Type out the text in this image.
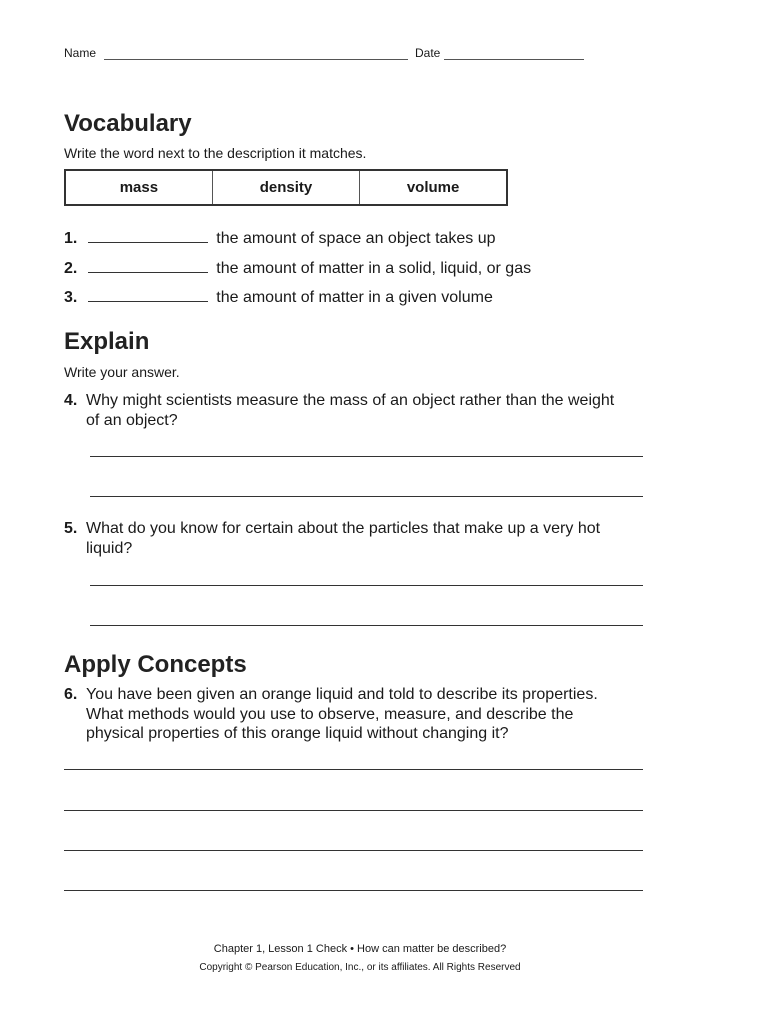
Name	Date
Vocabulary
Write the word next to the description it matches.
mass	density	volume
1.	the amount of space an object takes up
2.	the amount of matter in a solid, liquid, or gas
3.	the amount of matter in a given volume
Explain
Write your answer.
4. Why might scientists measure the mass of an object rather than the weight
of an object?
5. What do you know for certain about the particles that make up a very hot
liquid?
Apply Concepts
6. You have been given an orange liquid and told to describe its properties.
What methods would you use to observe, measure, and describe the
physical properties of this orange liquid without changing it?
Chapter 1, Lesson 1 Check • How can matter be described?
Copyright © Pearson Education, Inc., or its affiliates. All Rights Reserved
